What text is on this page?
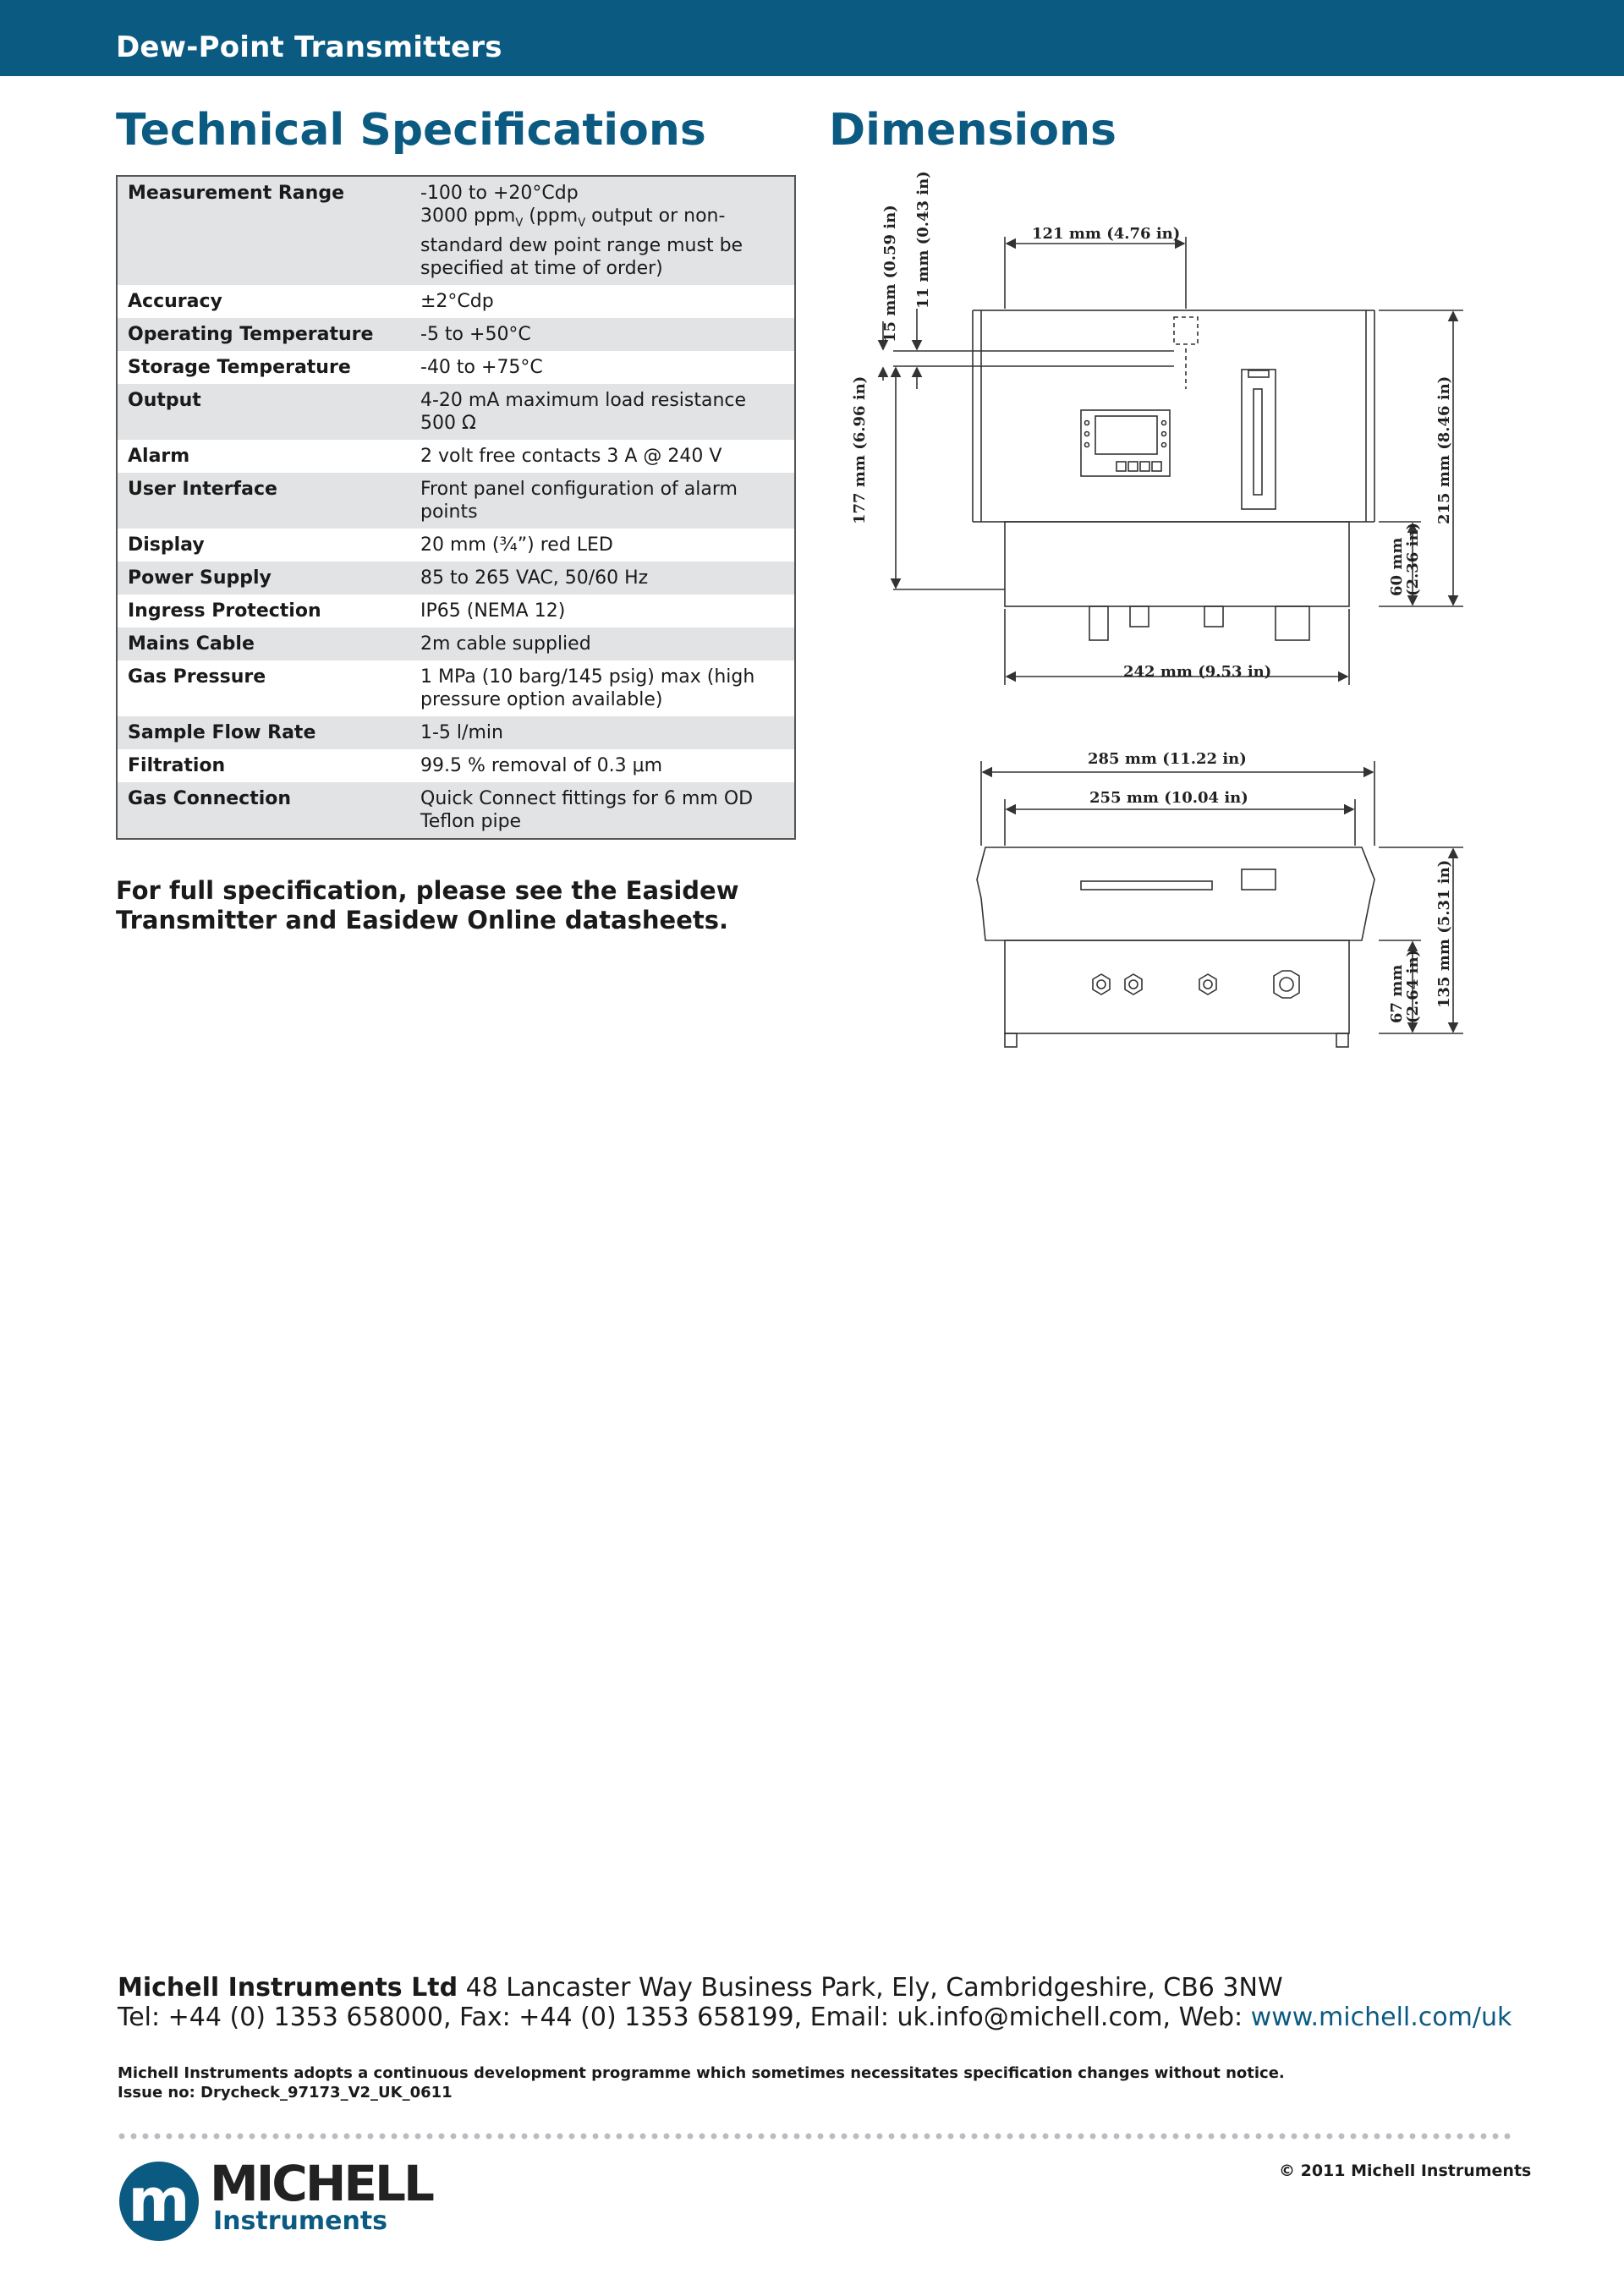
Dew-Point Transmitters
Technical Specifications	Dimensions
Measurement Range	-100 to +20°Cdp
3000 ppm$_V$ (ppm$_V$ output or non-standard dew point range must be specified at time of order)

Accuracy	±2°Cdp
Operating Temperature	-5 to +50°C
Storage Temperature	-40 to +75°C
Output	4-20 mA maximum load resistance 500 Ω
Alarm	2 volt free contacts 3 A @ 240 V
User Interface	Front panel configuration of alarm points
Display	20 mm (¾”) red LED
Power Supply	85 to 265 VAC, 50/60 Hz
Ingress Protection	IP65 (NEMA 12)
Mains Cable	2m cable supplied
Gas Pressure	1 MPa (10 barg/145 psig) max (high pressure option available)
Sample Flow Rate	1-5 l/min
Filtration	99.5 % removal of 0.3 μm
Gas Connection	Quick Connect fittings for 6 mm OD Teflon pipe
For full specification, please see the Easidew Transmitter and Easidew Online datasheets.
121 mm (4.76 in)
15 mm (0.59 in) 11 mm (0.43 in)
177 mm (6.96 in)	215 mm (8.46 in)
60 mm
(2.36 in)
242 mm (9.53 in)
285 mm (11.22 in)
255 mm (10.04 in)
67 mm
(2.64 in) 135 mm (5.31 in)
Michell Instruments Ltd 48 Lancaster Way Business Park, Ely, Cambridgeshire, CB6 3NW
Tel: +44 (0) 1353 658000, Fax: +44 (0) 1353 658199, Email: uk.info@michell.com, Web: www.michell.com/uk
Michell Instruments adopts a continuous development programme which sometimes necessitates specification changes without notice.
Issue no: Drycheck_97173_V2_UK_0611
© 2011 Michell Instruments
m MICHELL
Instruments
